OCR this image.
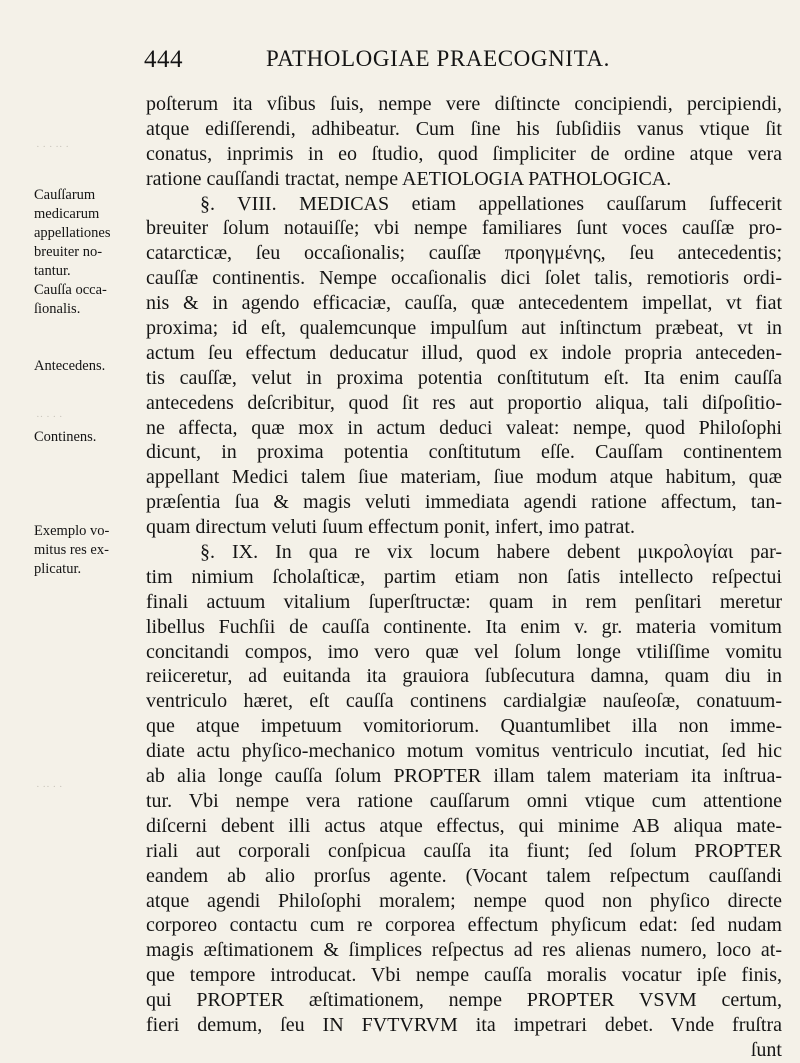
444	PATHOLOGIAE PRAECOGNITA.
· · · ·· ·
·· · · ·
· ·· · ·
Cauſſarum
medicarum
appellationes
breuiter no-
tantur.
Cauſſa occa-
ſionalis.
Antecedens.
Continens.
Exemplo vo-
mitus res ex-
plicatur.
poſterum ita vſibus ſuis, nempe vere diſtincte concipiendi, percipiendi,
atque ediſſerendi, adhibeatur. Cum ſine his ſubſidiis vanus vtique ſit
conatus, inprimis in eo ſtudio, quod ſimpliciter de ordine atque vera
ratione cauſſandi tractat, nempe AETIOLOGIA PATHOLOGICA.
§. VIII. MEDICAS etiam appellationes cauſſarum ſuffecerit
breuiter ſolum notauiſſe; vbi nempe familiares ſunt voces cauſſæ pro-
catarcticæ, ſeu occaſionalis; cauſſæ προηγμένης, ſeu antecedentis;
cauſſæ continentis. Nempe occaſionalis dici ſolet talis, remotioris ordi-
nis & in agendo efficaciæ, cauſſa, quæ antecedentem impellat, vt fiat
proxima; id eſt, qualemcunque impulſum aut inſtinctum præbeat, vt in
actum ſeu effectum deducatur illud, quod ex indole propria anteceden-
tis cauſſæ, velut in proxima potentia conſtitutum eſt. Ita enim cauſſa
antecedens deſcribitur, quod ſit res aut proportio aliqua, tali diſpoſitio-
ne affecta, quæ mox in actum deduci valeat: nempe, quod Philoſophi
dicunt, in proxima potentia conſtitutum eſſe. Cauſſam continentem
appellant Medici talem ſiue materiam, ſiue modum atque habitum, quæ
præſentia ſua & magis veluti immediata agendi ratione affectum, tan-
quam directum veluti ſuum effectum ponit, infert, imo patrat.
§. IX. In qua re vix locum habere debent μικρολογίαι par-
tim nimium ſcholaſticæ, partim etiam non ſatis intellecto reſpectui
finali actuum vitalium ſuperſtructæ: quam in rem penſitari meretur
libellus Fuchſii de cauſſa continente. Ita enim v. gr. materia vomitum
concitandi compos, imo vero quæ vel ſolum longe vtiliſſime vomitu
reiiceretur, ad euitanda ita grauiora ſubſecutura damna, quam diu in
ventriculo hæret, eſt cauſſa continens cardialgiæ nauſeoſæ, conatuum-
que atque impetuum vomitoriorum. Quantumlibet illa non imme-
diate actu phyſico-mechanico motum vomitus ventriculo incutiat, ſed hic
ab alia longe cauſſa ſolum PROPTER illam talem materiam ita inſtrua-
tur. Vbi nempe vera ratione cauſſarum omni vtique cum attentione
diſcerni debent illi actus atque effectus, qui minime AB aliqua mate-
riali aut corporali conſpicua cauſſa ita fiunt; ſed ſolum PROPTER
eandem ab alio prorſus agente. (Vocant talem reſpectum cauſſandi
atque agendi Philoſophi moralem; nempe quod non phyſico directe
corporeo contactu cum re corporea effectum phyſicum edat: ſed nudam
magis æſtimationem & ſimplices reſpectus ad res alienas numero, loco at-
que tempore introducat. Vbi nempe cauſſa moralis vocatur ipſe finis,
qui PROPTER æſtimationem, nempe PROPTER VSVM certum,
fieri demum, ſeu IN FVTVRVM ita impetrari debet. Vnde fruſtra
ſunt
